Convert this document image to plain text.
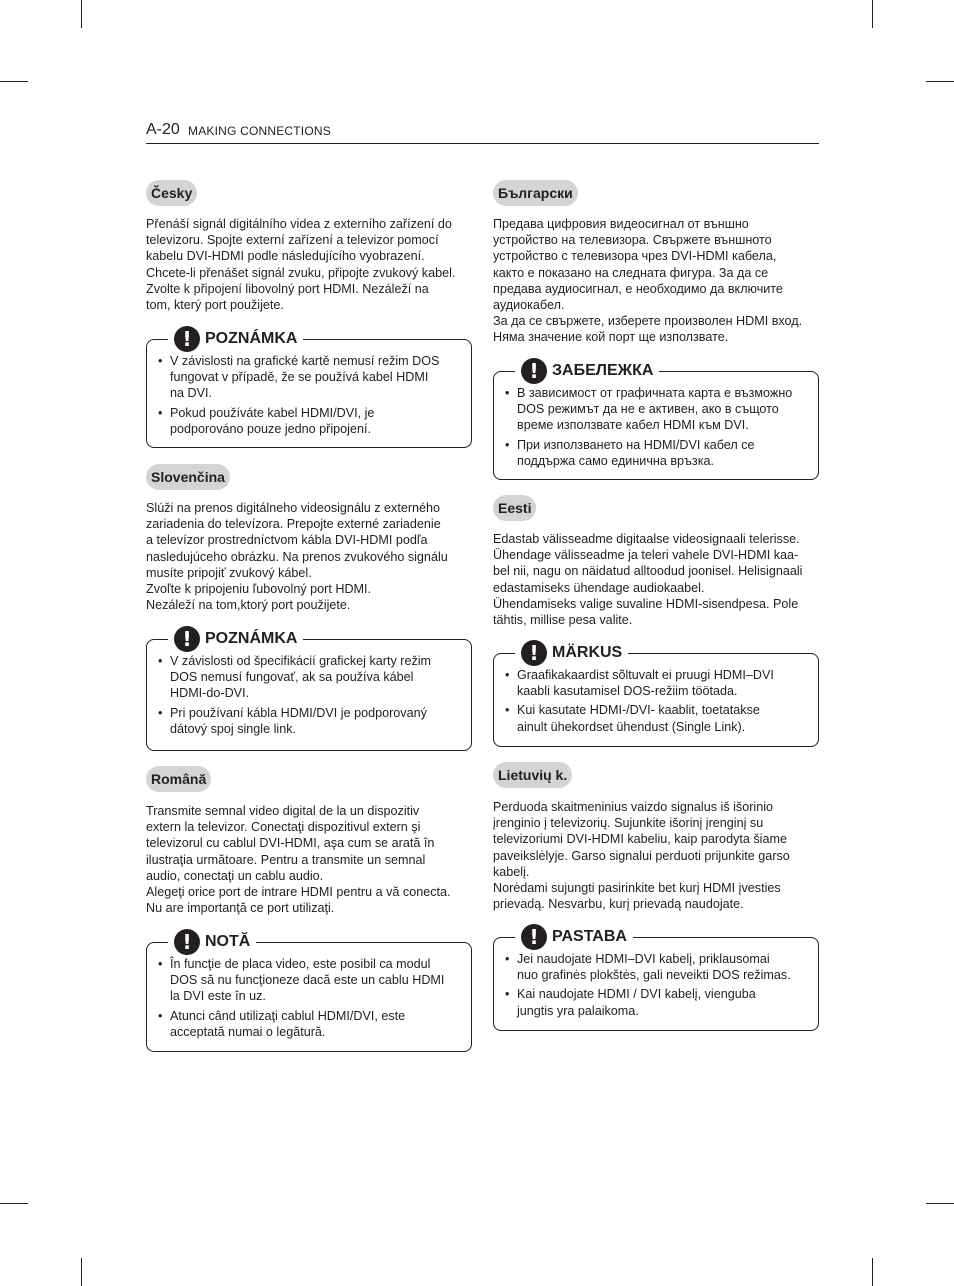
A-20 MAKING CONNECTIONS
Česky
Přenáší signál digitálního videa z externího zařízení do
televizoru. Spojte externí zařízení a televizor pomocí
kabelu DVI-HDMI podle následujícího vyobrazení.
Chcete-li přenášet signál zvuku, připojte zvukový kabel.
Zvolte k připojení libovolný port HDMI. Nezáleží na
tom, který port použijete.
! POZNÁMKA
• V závislosti na grafické kartě nemusí režim DOS
fungovat v případě, že se používá kabel HDMI
na DVI.
• Pokud používáte kabel HDMI/DVI, je
podporováno pouze jedno připojení.
Slovenčina
Slúži na prenos digitálneho videosignálu z externého
zariadenia do televízora. Prepojte externé zariadenie
a televízor prostredníctvom kábla DVI-HDMI podľa
nasledujúceho obrázku. Na prenos zvukového signálu
musíte pripojiť zvukový kábel.
Zvoľte k pripojeniu ľubovolný port HDMI.
Nezáleží na tom,ktorý port použijete.
! POZNÁMKA
• V závislosti od špecifikácií grafickej karty režim
DOS nemusí fungovať, ak sa používa kábel
HDMI-do-DVI.
• Pri používaní kábla HDMI/DVI je podporovaný
dátový spoj single link.
Română
Transmite semnal video digital de la un dispozitiv
extern la televizor. Conectaţi dispozitivul extern şi
televizorul cu cablul DVI-HDMI, aşa cum se arată în
ilustraţia următoare. Pentru a transmite un semnal
audio, conectaţi un cablu audio.
Alegeţi orice port de intrare HDMI pentru a vă conecta.
Nu are importanţă ce port utilizaţi.
! NOTĂ
• În funcţie de placa video, este posibil ca modul
DOS să nu funcţioneze dacă este un cablu HDMI
la DVI este în uz.
• Atunci când utilizaţi cablul HDMI/DVI, este
acceptată numai o legătură.
Български
Предава цифровия видеосигнал от външно
устройство на телевизора. Свържете външното
устройство с телевизора чрез DVI-HDMI кабела,
както е показано на следната фигура. За да се
предава аудиосигнал, е необходимо да включите
аудиокабел.
За да се свържете, изберете произволен HDMI вход.
Няма значение кой порт ще използвате.
! ЗАБЕЛЕЖКА
• В зависимост от графичната карта е възможно
DOS режимът да не е активен, ако в същото
време използвате кабел HDMI към DVI.
• При използването на HDMI/DVI кабел се
поддържа само единична връзка.
Eesti
Edastab välisseadme digitaalse videosignaali telerisse.
Ühendage välisseadme ja teleri vahele DVI-HDMI kaa-
bel nii, nagu on näidatud alltoodud joonisel. Helisignaali
edastamiseks ühendage audiokaabel.
Ühendamiseks valige suvaline HDMI-sisendpesa. Pole
tähtis, millise pesa valite.
! MÄRKUS
• Graafikakaardist sõltuvalt ei pruugi HDMI–DVI
kaabli kasutamisel DOS-režiim töötada.
• Kui kasutate HDMI-/DVI- kaablit, toetatakse
ainult ühekordset ühendust (Single Link).
Lietuvių k.
Perduoda skaitmeninius vaizdo signalus iš išorinio
įrenginio į televizorių. Sujunkite išorinį įrenginį su
televizoriumi DVI-HDMI kabeliu, kaip parodyta šiame
paveikslėlyje. Garso signalui perduoti prijunkite garso
kabelį.
Norėdami sujungti pasirinkite bet kurį HDMI įvesties
prievadą. Nesvarbu, kurį prievadą naudojate.
! PASTABA
• Jei naudojate HDMI–DVI kabelį, priklausomai
nuo grafinės plokštės, gali neveikti DOS režimas.
• Kai naudojate HDMI / DVI kabelį, vienguba
jungtis yra palaikoma.
